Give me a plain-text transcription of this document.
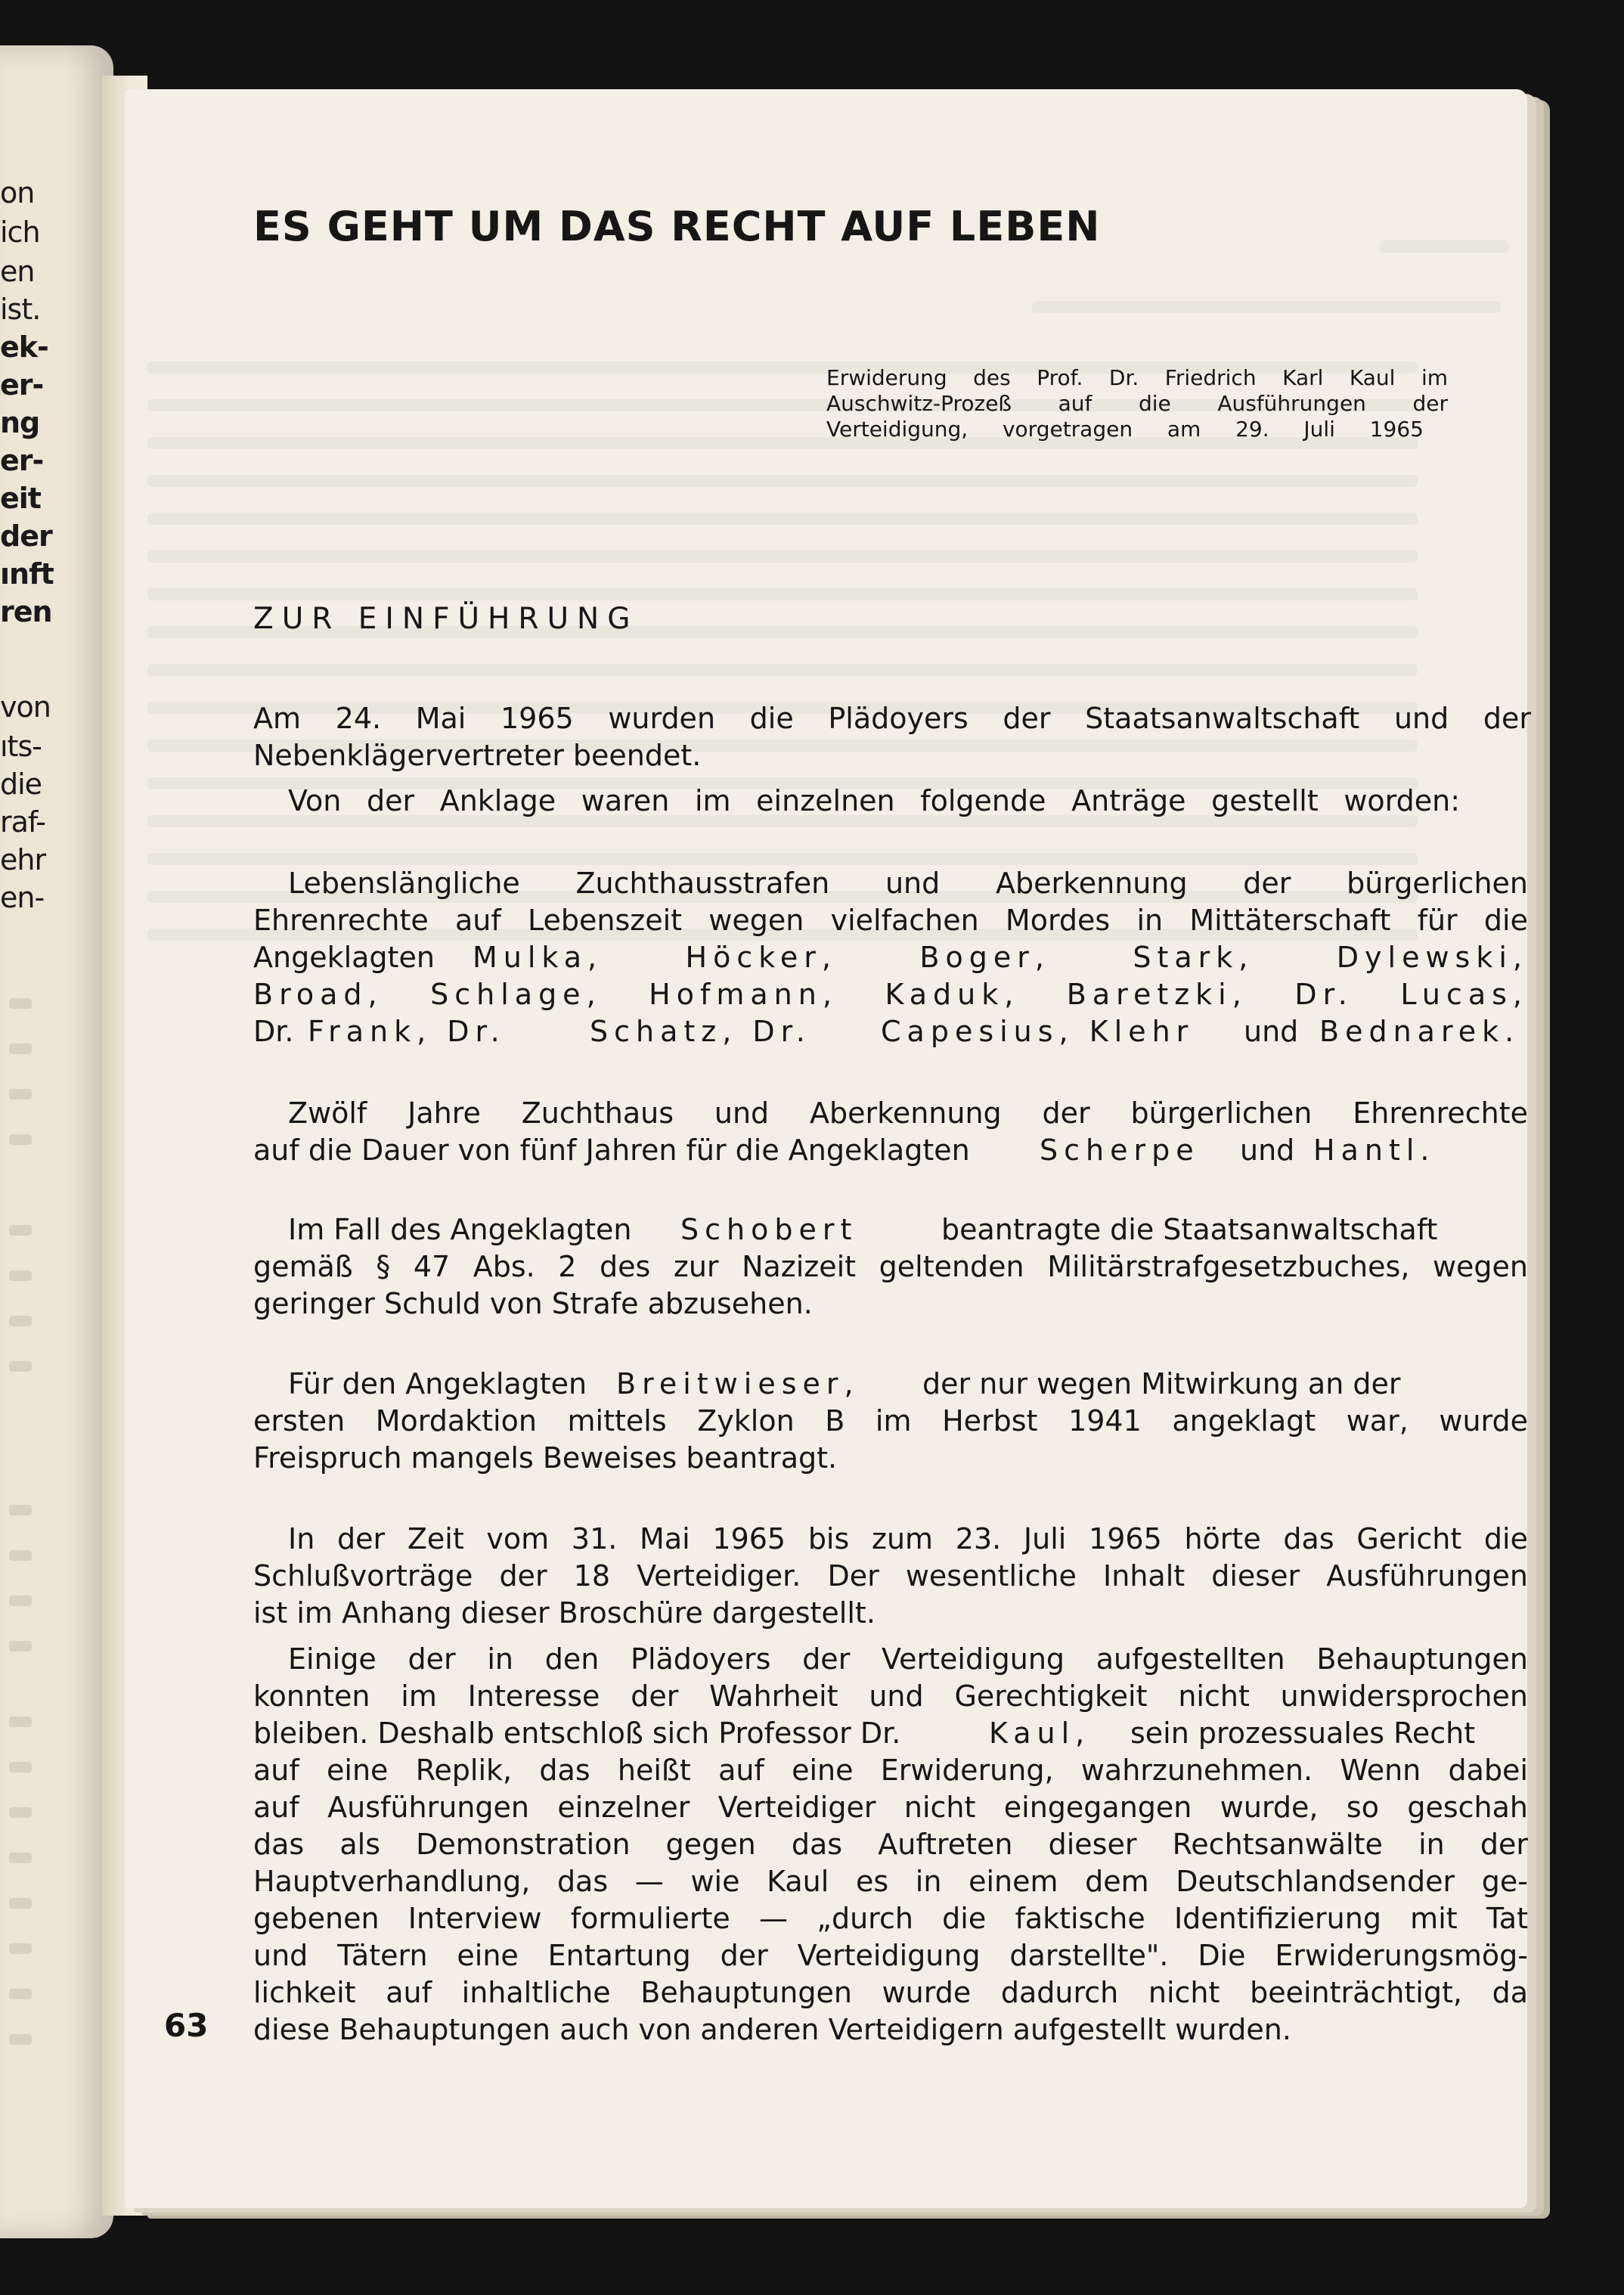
on
ich
en
ist.
ek-
er-
ng
er-
eit
der
ınft
ren
von
ıts-
die
raf-
ehr
en-
ES GEHT UM DAS RECHT AUF LEBEN
Erwiderung des Prof. Dr. Friedrich Karl Kaul im
Auschwitz-Prozeß auf die Ausführungen der
Verteidigung, vorgetragen am 29. Juli 1965
ZUR EINFÜHRUNG
Am 24. Mai 1965 wurden die Plädoyers der Staatsanwaltschaft und der
Nebenklägervertreter beendet.
Von der Anklage waren im einzelnen folgende Anträge gestellt worden:
Lebenslängliche Zuchthausstrafen und Aberkennung der bürgerlichen
Ehrenrechte auf Lebenszeit wegen vielfachen Mordes in Mittäterschaft für die
Angeklagten Mulka,  Höcker,  Boger,  Stark,  Dylewski,
Broad, Schlage, Hofmann, Kaduk, Baretzki, Dr. Lucas,
Dr. Frank, Dr.	Schatz, Dr. Capesius, Klehr und Bednarek.
Zwölf Jahre Zuchthaus und Aberkennung der bürgerlichen Ehrenrechte
auf die Dauer von fünf Jahren für die Angeklagten Scherpe und Hantl.
Im Fall des Angeklagten Schobert	beantragte die Staatsanwaltschaft
gemäß § 47 Abs. 2 des zur Nazizeit geltenden Militärstrafgesetzbuches, wegen
geringer Schuld von Strafe abzusehen.
Für den Angeklagten Breitwieser, der nur wegen Mitwirkung an der
ersten Mordaktion mittels Zyklon B im Herbst 1941 angeklagt war, wurde
Freispruch mangels Beweises beantragt.
In der Zeit vom 31. Mai 1965 bis zum 23. Juli 1965 hörte das Gericht die
Schlußvorträge der 18 Verteidiger. Der wesentliche Inhalt dieser Ausführungen
ist im Anhang dieser Broschüre dargestellt.
Einige der in den Plädoyers der Verteidigung aufgestellten Behauptungen
konnten im Interesse der Wahrheit und Gerechtigkeit nicht unwidersprochen
bleiben. Deshalb entschloß sich Professor Dr.	Kaul, sein prozessuales Recht
auf eine Replik, das heißt auf eine Erwiderung, wahrzunehmen. Wenn dabei
auf Ausführungen einzelner Verteidiger nicht eingegangen wurde, so geschah
das als Demonstration gegen das Auftreten dieser Rechtsanwälte in der
Hauptverhandlung, das — wie Kaul es in einem dem Deutschlandsender ge-
gebenen Interview formulierte — „durch die faktische Identifizierung mit Tat
und Tätern eine Entartung der Verteidigung darstellte". Die Erwiderungsmög-
lichkeit auf inhaltliche Behauptungen wurde dadurch nicht beeinträchtigt, da
diese Behauptungen auch von anderen Verteidigern aufgestellt wurden.
63
